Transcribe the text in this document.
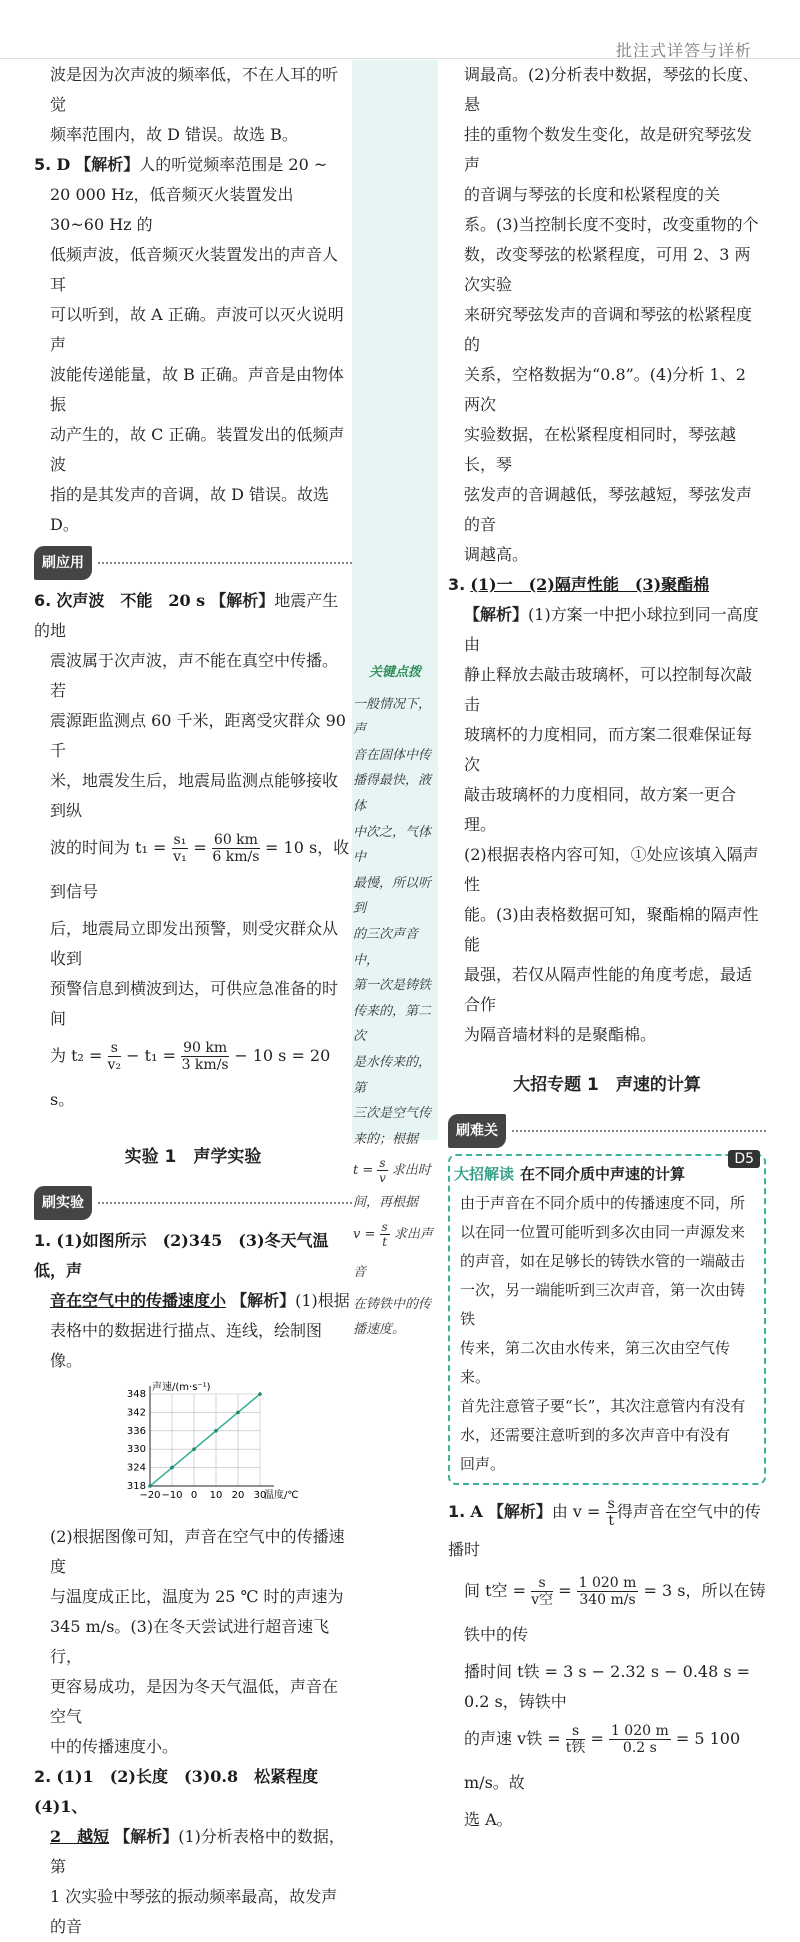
批注式详答与详析

波是因为次声波的频率低，不在人耳的听觉

频率范围内，故 D 错误。故选 B。

5. D 【解析】人的听觉频率范围是 20 ~

20 000 Hz，低音频灭火装置发出 30~60 Hz 的

低频声波，低音频灭火装置发出的声音人耳

可以听到，故 A 正确。声波可以灭火说明声

波能传递能量，故 B 正确。声音是由物体振

动产生的，故 C 正确。装置发出的低频声波

指的是其发声的音调，故 D 错误。故选 D。

刷应用

6. 次声波　不能　20 s 【解析】地震产生的地

震波属于次声波，声不能在真空中传播。若

震源距监测点 60 千米，距离受灾群众 90 千

米，地震发生后，地震局监测点能够接收到纵

波的时间为 $t_1 = \frac{\text{s₁}}{\text{v₁}} = \frac{60 km}{6 km/s} = 10$ s，收到信号

后，地震局立即发出预警，则受灾群众从收到

预警信息到横波到达，可供应急准备的时间

为 $t_2 = \frac{s}{\text{v₂}} - t_1 = \frac{90 km}{3 km/s} - 10$ s = 20 s。

实验 1　声学实验
刷实验

1. (1)如图所示　(2)345　(3)冬天气温低，声

音在空气中的传播速度小 【解析】(1)根据

表格中的数据进行描点、连线，绘制图像。

−20 −10 0 10 20 30
318
324
330
336
342
348
声速/(m·s⁻¹)
温度/℃

(2)根据图像可知，声音在空气中的传播速度

与温度成正比，温度为 25 ℃ 时的声速为

345 m/s。(3)在冬天尝试进行超音速飞行，

更容易成功，是因为冬天气温低，声音在空气

中的传播速度小。

2. (1)1　(2)长度　(3)0.8　松紧程度　(4)1、

2　越短 【解析】(1)分析表格中的数据，第

1 次实验中琴弦的振动频率最高，故发声的音

关键点拨
一般情况下，声
音在固体中传
播得最快，液体
中次之，气体中
最慢，所以听到
的三次声音中，
第一次是铸铁
传来的，第二次
是水传来的，第
三次是空气传
来的；根据
$t = \frac{s}{v}$ 求出时
间，再根据
$v = \frac{s}{t}$ 求出声音
在铸铁中的传
播速度。

调最高。(2)分析表中数据，琴弦的长度、悬

挂的重物个数发生变化，故是研究琴弦发声

的音调与琴弦的长度和松紧程度的关

系。(3)当控制长度不变时，改变重物的个

数，改变琴弦的松紧程度，可用 2、3 两次实验

来研究琴弦发声的音调和琴弦的松紧程度的

关系，空格数据为“0.8”。(4)分析 1、2 两次

实验数据，在松紧程度相同时，琴弦越长，琴

弦发声的音调越低，琴弦越短，琴弦发声的音

调越高。

3. (1)一　(2)隔声性能　(3)聚酯棉

【解析】(1)方案一中把小球拉到同一高度由

静止释放去敲击玻璃杯，可以控制每次敲击

玻璃杯的力度相同，而方案二很难保证每次

敲击玻璃杯的力度相同，故方案一更合理。

(2)根据表格内容可知，①处应该填入隔声性

能。(3)由表格数据可知，聚酯棉的隔声性能

最强，若仅从隔声性能的角度考虑，最适合作

为隔音墙材料的是聚酯棉。

大招专题 1　声速的计算
刷难关
大招解读 在不同介质中声速的计算
由于声音在不同介质中的传播速度不同，所
以在同一位置可能听到多次由同一声源发来
的声音，如在足够长的铸铁水管的一端敲击
一次，另一端能听到三次声音，第一次由铸铁
传来，第二次由水传来，第三次由空气传来。
首先注意管子要“长”，其次注意管内有没有
水，还需要注意听到的多次声音中有没有
回声。

1. A 【解析】由 $v = \frac{s}{t}$ 得声音在空气中的传播时

间 t空 = $\frac{s}{\text{v空}} = \frac{1 020 m}{340 m/s} = 3$ s，所以在铸铁中的传

播时间 t铁 = 3 s − 2.32 s − 0.48 s = 0.2 s，铸铁中

的声速 v铁 = $\frac{s}{\text{t铁}} = \frac{1 020 m}{0.2 s} = 5$ 100 m/s。故

选 A。

D5
